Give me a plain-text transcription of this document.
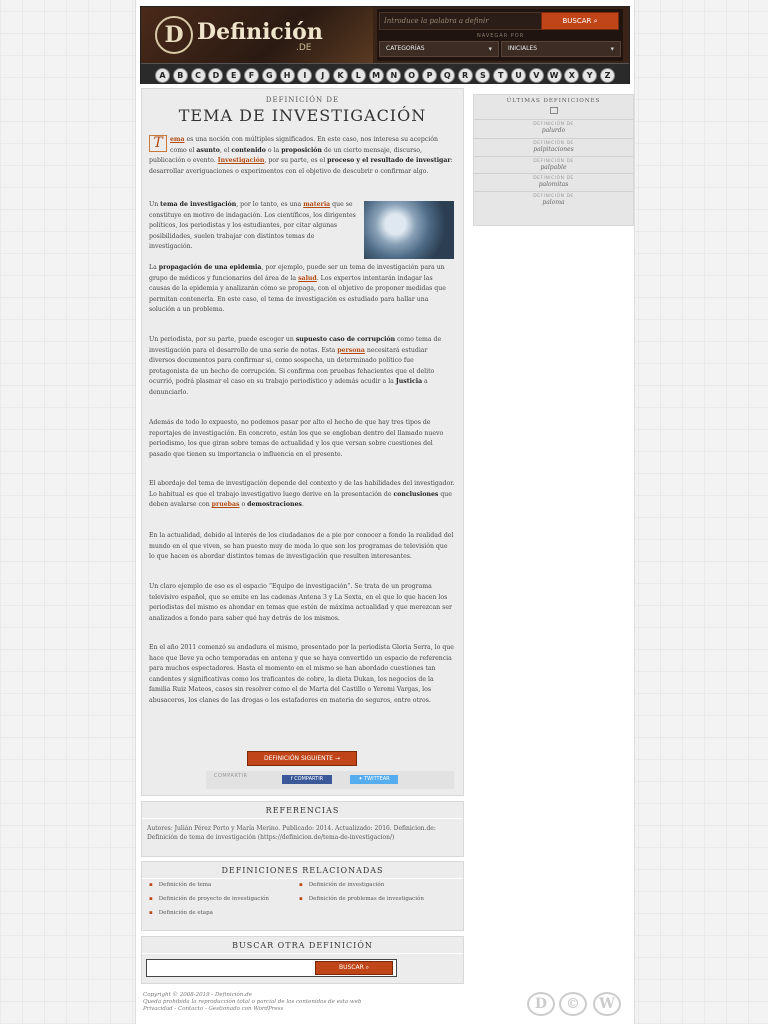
D Definición
.DE
Introduce la palabra a definir	BUSCAR ⌕
NAVEGAR POR
CATEGORÍAS	▾	INICIALES	▾
A	B	C	D	E	F	G	H	I	J	K	L	M	N	O	P	Q	R	S	T	U	V	W	X	Y	Z
DEFINICIÓN DE
TEMA DE INVESTIGACIÓN
T	ema es una noción con múltiples significados. En este caso, nos interesa su acepción como el asunto, el contenido o la proposición de un cierto mensaje, discurso, publicación o evento. Investigación, por su parte, es el proceso y el resultado de investigar: desarrollar averiguaciones o experimentos con el objetivo de descubrir o confirmar algo.
Un tema de investigación, por lo tanto, es una materia que se constituye en motivo de indagación. Los científicos, los dirigentes políticos, los periodistas y los estudiantes, por citar algunas posibilidades, suelen trabajar con distintos temas de investigación.
La propagación de una epidemia, por ejemplo, puede ser un tema de investigación para un grupo de médicos y funcionarios del área de la salud. Los expertos intentarán indagar las causas de la epidemia y analizarán cómo se propaga, con el objetivo de proponer medidas que permitan contenerla. En este caso, el tema de investigación es estudiado para hallar una solución a un problema.
Un periodista, por su parte, puede escoger un supuesto caso de corrupción como tema de investigación para el desarrollo de una serie de notas. Esta persona necesitará estudiar diversos documentos para confirmar si, como sospecha, un determinado político fue protagonista de un hecho de corrupción. Si confirma con pruebas fehacientes que el delito ocurrió, podrá plasmar el caso en su trabajo periodístico y además acudir a la Justicia a denunciarlo.
Además de todo lo expuesto, no podemos pasar por alto el hecho de que hay tres tipos de reportajes de investigación. En concreto, están los que se engloban dentro del llamado nuevo periodismo, los que giran sobre temas de actualidad y los que versan sobre cuestiones del pasado que tienen su importancia o influencia en el presente.
El abordaje del tema de investigación depende del contexto y de las habilidades del investigador. Lo habitual es que el trabajo investigativo luego derive en la presentación de conclusiones que deben avalarse con pruebas o demostraciones.
En la actualidad, debido al interés de los ciudadanos de a pie por conocer a fondo la realidad del mundo en el que viven, se han puesto muy de moda lo que son los programas de televisión que lo que hacen es abordar distintos temas de investigación que resulten interesantes.
Un claro ejemplo de eso es el espacio “Equipo de investigación”. Se trata de un programa televisivo español, que se emite en las cadenas Antena 3 y La Sexta, en el que lo que hacen los periodistas del mismo es ahondar en temas que estén de máxima actualidad y que merezcan ser analizados a fondo para saber qué hay detrás de los mismos.
En el año 2011 comenzó su andadura el mismo, presentado por la periodista Gloria Serra, lo que hace que lleve ya ocho temporadas en antena y que se haya convertido un espacio de referencia para muchos espectadores. Hasta el momento en el mismo se han abordado cuestiones tan candentes y significativas como los traficantes de cobre, la dieta Dukan, los negocios de la familia Ruiz Mateos, casos sin resolver como el de Marta del Castillo o Yeremi Vargas, los abusaceros, los clanes de las drogas o los estafadores en materia de seguros, entre otros.
DEFINICIÓN SIGUIENTE →
COMPARTIR	f COMPARTIR	✦ TWITTEAR
REFERENCIAS
Autores: Julián Pérez Porto y María Merino. Publicado: 2014. Actualizado: 2016. Definicion.de: Definición de tema de investigación (https://definicion.de/tema-de-investigacion/)
DEFINICIONES RELACIONADAS
▪ Definición de tema	▪ Definición de investigación
▪ Definición de proyecto de investigación	▪ Definición de problemas de investigación
▪ Definición de etapa
BUSCAR OTRA DEFINICIÓN
BUSCAR ⌕
ÚLTIMAS DEFINICIONES
DEFINICIÓN DE
palurdo
DEFINICIÓN DE
palpitaciones
DEFINICIÓN DE
palpable
DEFINICIÓN DE
palomitas
DEFINICIÓN DE
paloma
Copyright © 2008-2019 - Definición.de
Queda prohibida la reproducción total o parcial de los contenidos de esta web
Privacidad - Contacto - Gestionado con WordPress	D	©	W
